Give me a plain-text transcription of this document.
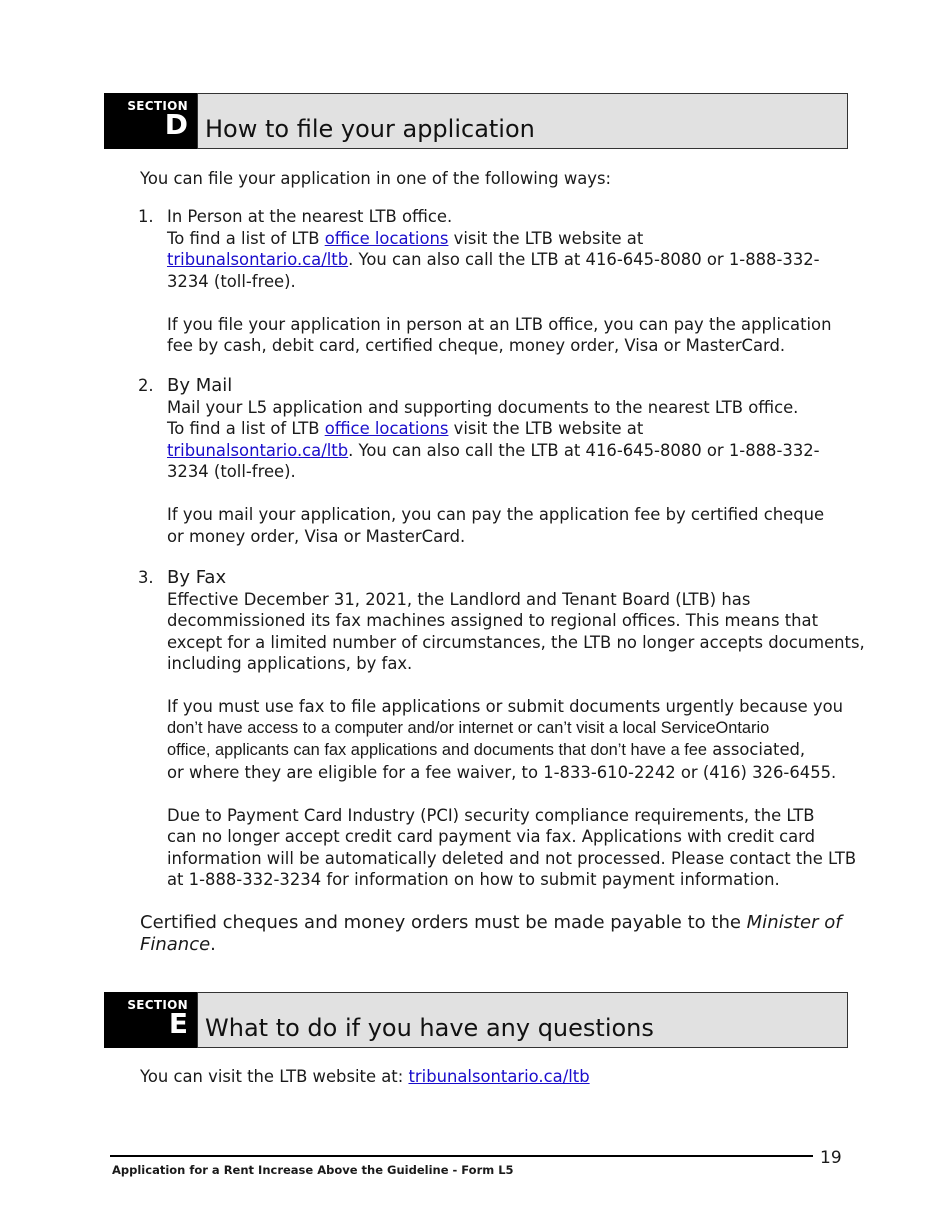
SECTION
D How to file your application
You can file your application in one of the following ways:
1. In Person at the nearest LTB office.
To find a list of LTB office locations visit the LTB website at
tribunalsontario.ca/ltb. You can also call the LTB at 416-645-8080 or 1-888-332-
3234 (toll-free).

If you file your application in person at an LTB office, you can pay the application
fee by cash, debit card, certified cheque, money order, Visa or MasterCard.
2. By Mail
Mail your L5 application and supporting documents to the nearest LTB office.
To find a list of LTB office locations visit the LTB website at
tribunalsontario.ca/ltb. You can also call the LTB at 416-645-8080 or 1-888-332-
3234 (toll-free).

If you mail your application, you can pay the application fee by certified cheque
or money order, Visa or MasterCard.
3. By Fax
Effective December 31, 2021, the Landlord and Tenant Board (LTB) has
decommissioned its fax machines assigned to regional offices. This means that
except for a limited number of circumstances, the LTB no longer accepts documents,
including applications, by fax.

If you must use fax to file applications or submit documents urgently because you
don’t have access to a computer and/or internet or can’t visit a local ServiceOntario
office, applicants can fax applications and documents that don’t have a fee associated,
or where they are eligible for a fee waiver, to 1-833-610-2242 or (416) 326-6455.

Due to Payment Card Industry (PCI) security compliance requirements, the LTB
can no longer accept credit card payment via fax. Applications with credit card
information will be automatically deleted and not processed. Please contact the LTB
at 1-888-332-3234 for information on how to submit payment information.
Certified cheques and money orders must be made payable to the Minister of
Finance.
SECTION
E What to do if you have any questions
You can visit the LTB website at: tribunalsontario.ca/ltb
Application for a Rent Increase Above the Guideline - Form L5
19
